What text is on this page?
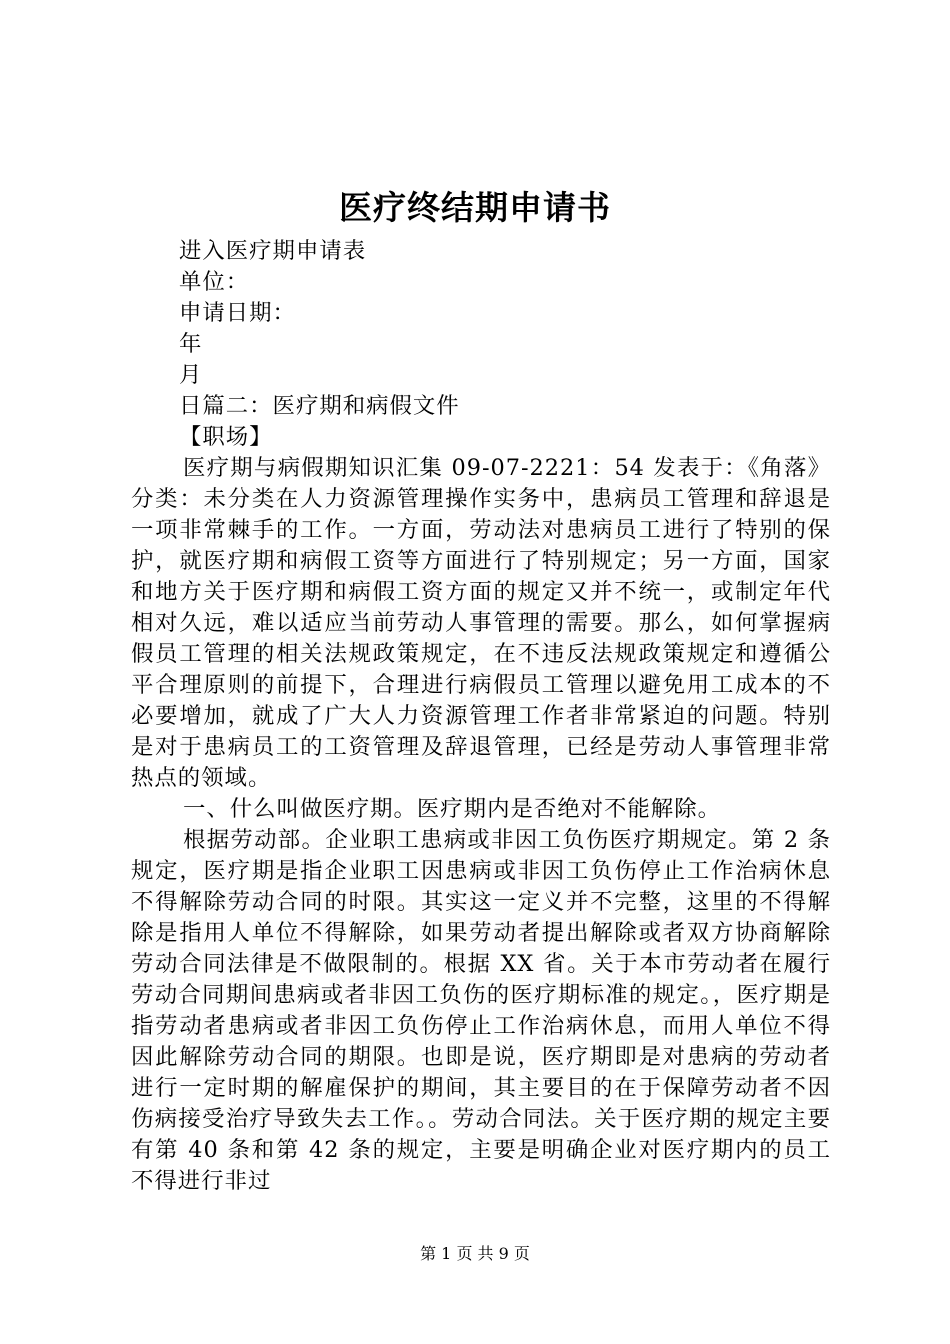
医疗终结期申请书
进入医疗期申请表
单位：
申请日期：
年
月
日篇二：医疗期和病假文件
【职场】

医疗期与病假期知识汇集 09-07-2221：54 发表于：《角落》分类：未分类在人力资源管理操作实务中，患病员工管理和辞退是一项非常棘手的工作。一方面，劳动法对患病员工进行了特别的保护，就医疗期和病假工资等方面进行了特别规定；另一方面，国家和地方关于医疗期和病假工资方面的规定又并不统一，或制定年代相对久远，难以适应当前劳动人事管理的需要。那么，如何掌握病假员工管理的相关法规政策规定，在不违反法规政策规定和遵循公平合理原则的前提下，合理进行病假员工管理以避免用工成本的不必要增加，就成了广大人力资源管理工作者非常紧迫的问题。特别是对于患病员工的工资管理及辞退管理，已经是劳动人事管理非常热点的领域。

一、什么叫做医疗期。医疗期内是否绝对不能解除。

根据劳动部。企业职工患病或非因工负伤医疗期规定。第 2 条规定，医疗期是指企业职工因患病或非因工负伤停止工作治病休息不得解除劳动合同的时限。其实这一定义并不完整，这里的不得解除是指用人单位不得解除，如果劳动者提出解除或者双方协商解除劳动合同法律是不做限制的。根据 XX 省。关于本市劳动者在履行劳动合同期间患病或者非因工负伤的医疗期标准的规定。，医疗期是指劳动者患病或者非因工负伤停止工作治病休息，而用人单位不得因此解除劳动合同的期限。也即是说，医疗期即是对患病的劳动者进行一定时期的解雇保护的期间，其主要目的在于保障劳动者不因伤病接受治疗导致失去工作。。劳动合同法。关于医疗期的规定主要有第 40 条和第 42 条的规定，主要是明确企业对医疗期内的员工不得进行非过

第 1 页 共 9 页
